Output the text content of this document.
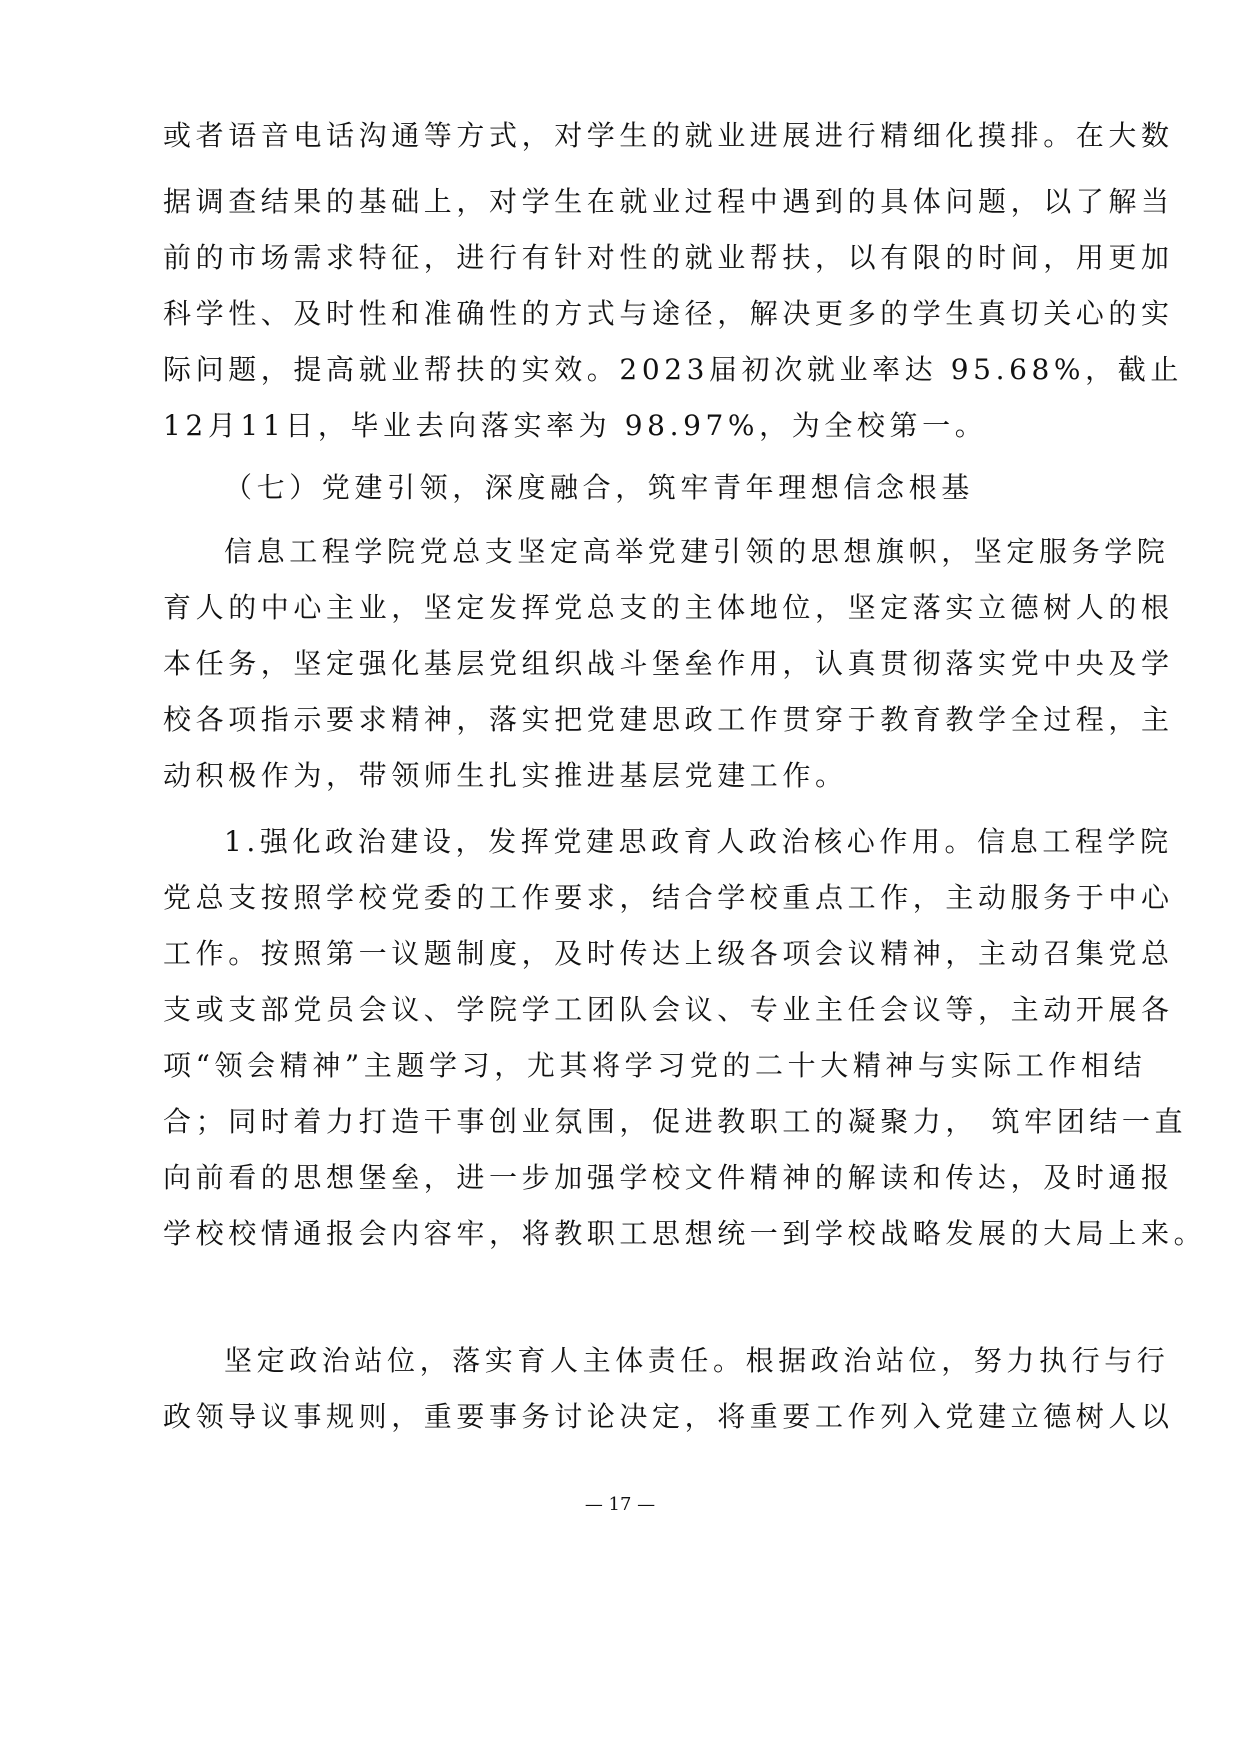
或者语音电话沟通等方式，对学生的就业进展进行精细化摸排。在大数
据调查结果的基础上，对学生在就业过程中遇到的具体问题，以了解当
前的市场需求特征，进行有针对性的就业帮扶，以有限的时间，用更加
科学性、及时性和准确性的方式与途径，解决更多的学生真切关心的实
际问题，提高就业帮扶的实效。2023届初次就业率达 95.68%，截止
12月11日，毕业去向落实率为 98.97%，为全校第一。
（七）党建引领，深度融合，筑牢青年理想信念根基
信息工程学院党总支坚定高举党建引领的思想旗帜，坚定服务学院
育人的中心主业，坚定发挥党总支的主体地位，坚定落实立德树人的根
本任务，坚定强化基层党组织战斗堡垒作用，认真贯彻落实党中央及学
校各项指示要求精神，落实把党建思政工作贯穿于教育教学全过程，主
动积极作为，带领师生扎实推进基层党建工作。
1.强化政治建设，发挥党建思政育人政治核心作用。信息工程学院
党总支按照学校党委的工作要求，结合学校重点工作，主动服务于中心
工作。按照第一议题制度，及时传达上级各项会议精神，主动召集党总
支或支部党员会议、学院学工团队会议、专业主任会议等，主动开展各
项“领会精神”主题学习，尤其将学习党的二十大精神与实际工作相结
合；同时着力打造干事创业氛围，促进教职工的凝聚力， 筑牢团结一直
向前看的思想堡垒，进一步加强学校文件精神的解读和传达，及时通报
学校校情通报会内容牢，将教职工思想统一到学校战略发展的大局上来。
坚定政治站位，落实育人主体责任。根据政治站位，努力执行与行
政领导议事规则，重要事务讨论决定，将重要工作列入党建立德树人以
— 17 —
